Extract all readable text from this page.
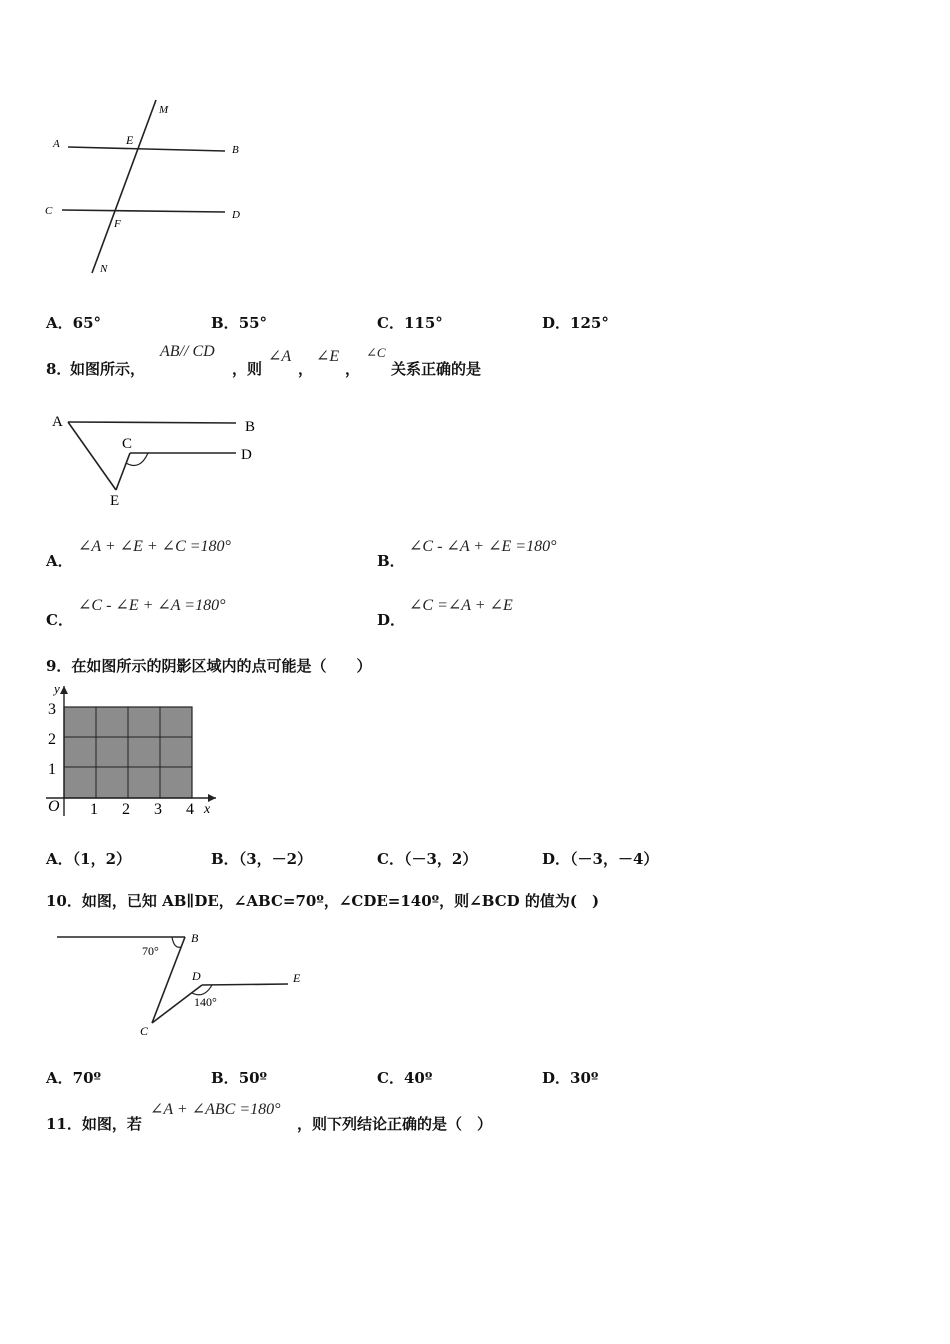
M
A	E
B
C
F
D
N
A．65°	B．55°	C．115°	D．125°
8．
如图所示，
AB// CD
，则
∠A
，
∠E
，
∠C
关系正确的是
A	B
C
D
E
A．
∠A + ∠E + ∠C =180°
B．
∠C - ∠A + ∠E =180°
C．
∠C - ∠E + ∠A =180°
D．
∠C =∠A + ∠E
9．在如图所示的阴影区域内的点可能是（　　）
y
x
O 1 2 3 4
1
2
3
A．（1，2）	B．（3，－2）	C．（－3，2）	D．（－3，－4）
10．如图，已知 AB∥DE，∠ABC=70º，∠CDE=140º，则∠BCD 的值为(　)
B
D	E
C
70°
140°
A．70º	B．50º	C．40º	D．30º
11．如图，若
∠A + ∠ABC =180°
，则下列结论正确的是（　）
